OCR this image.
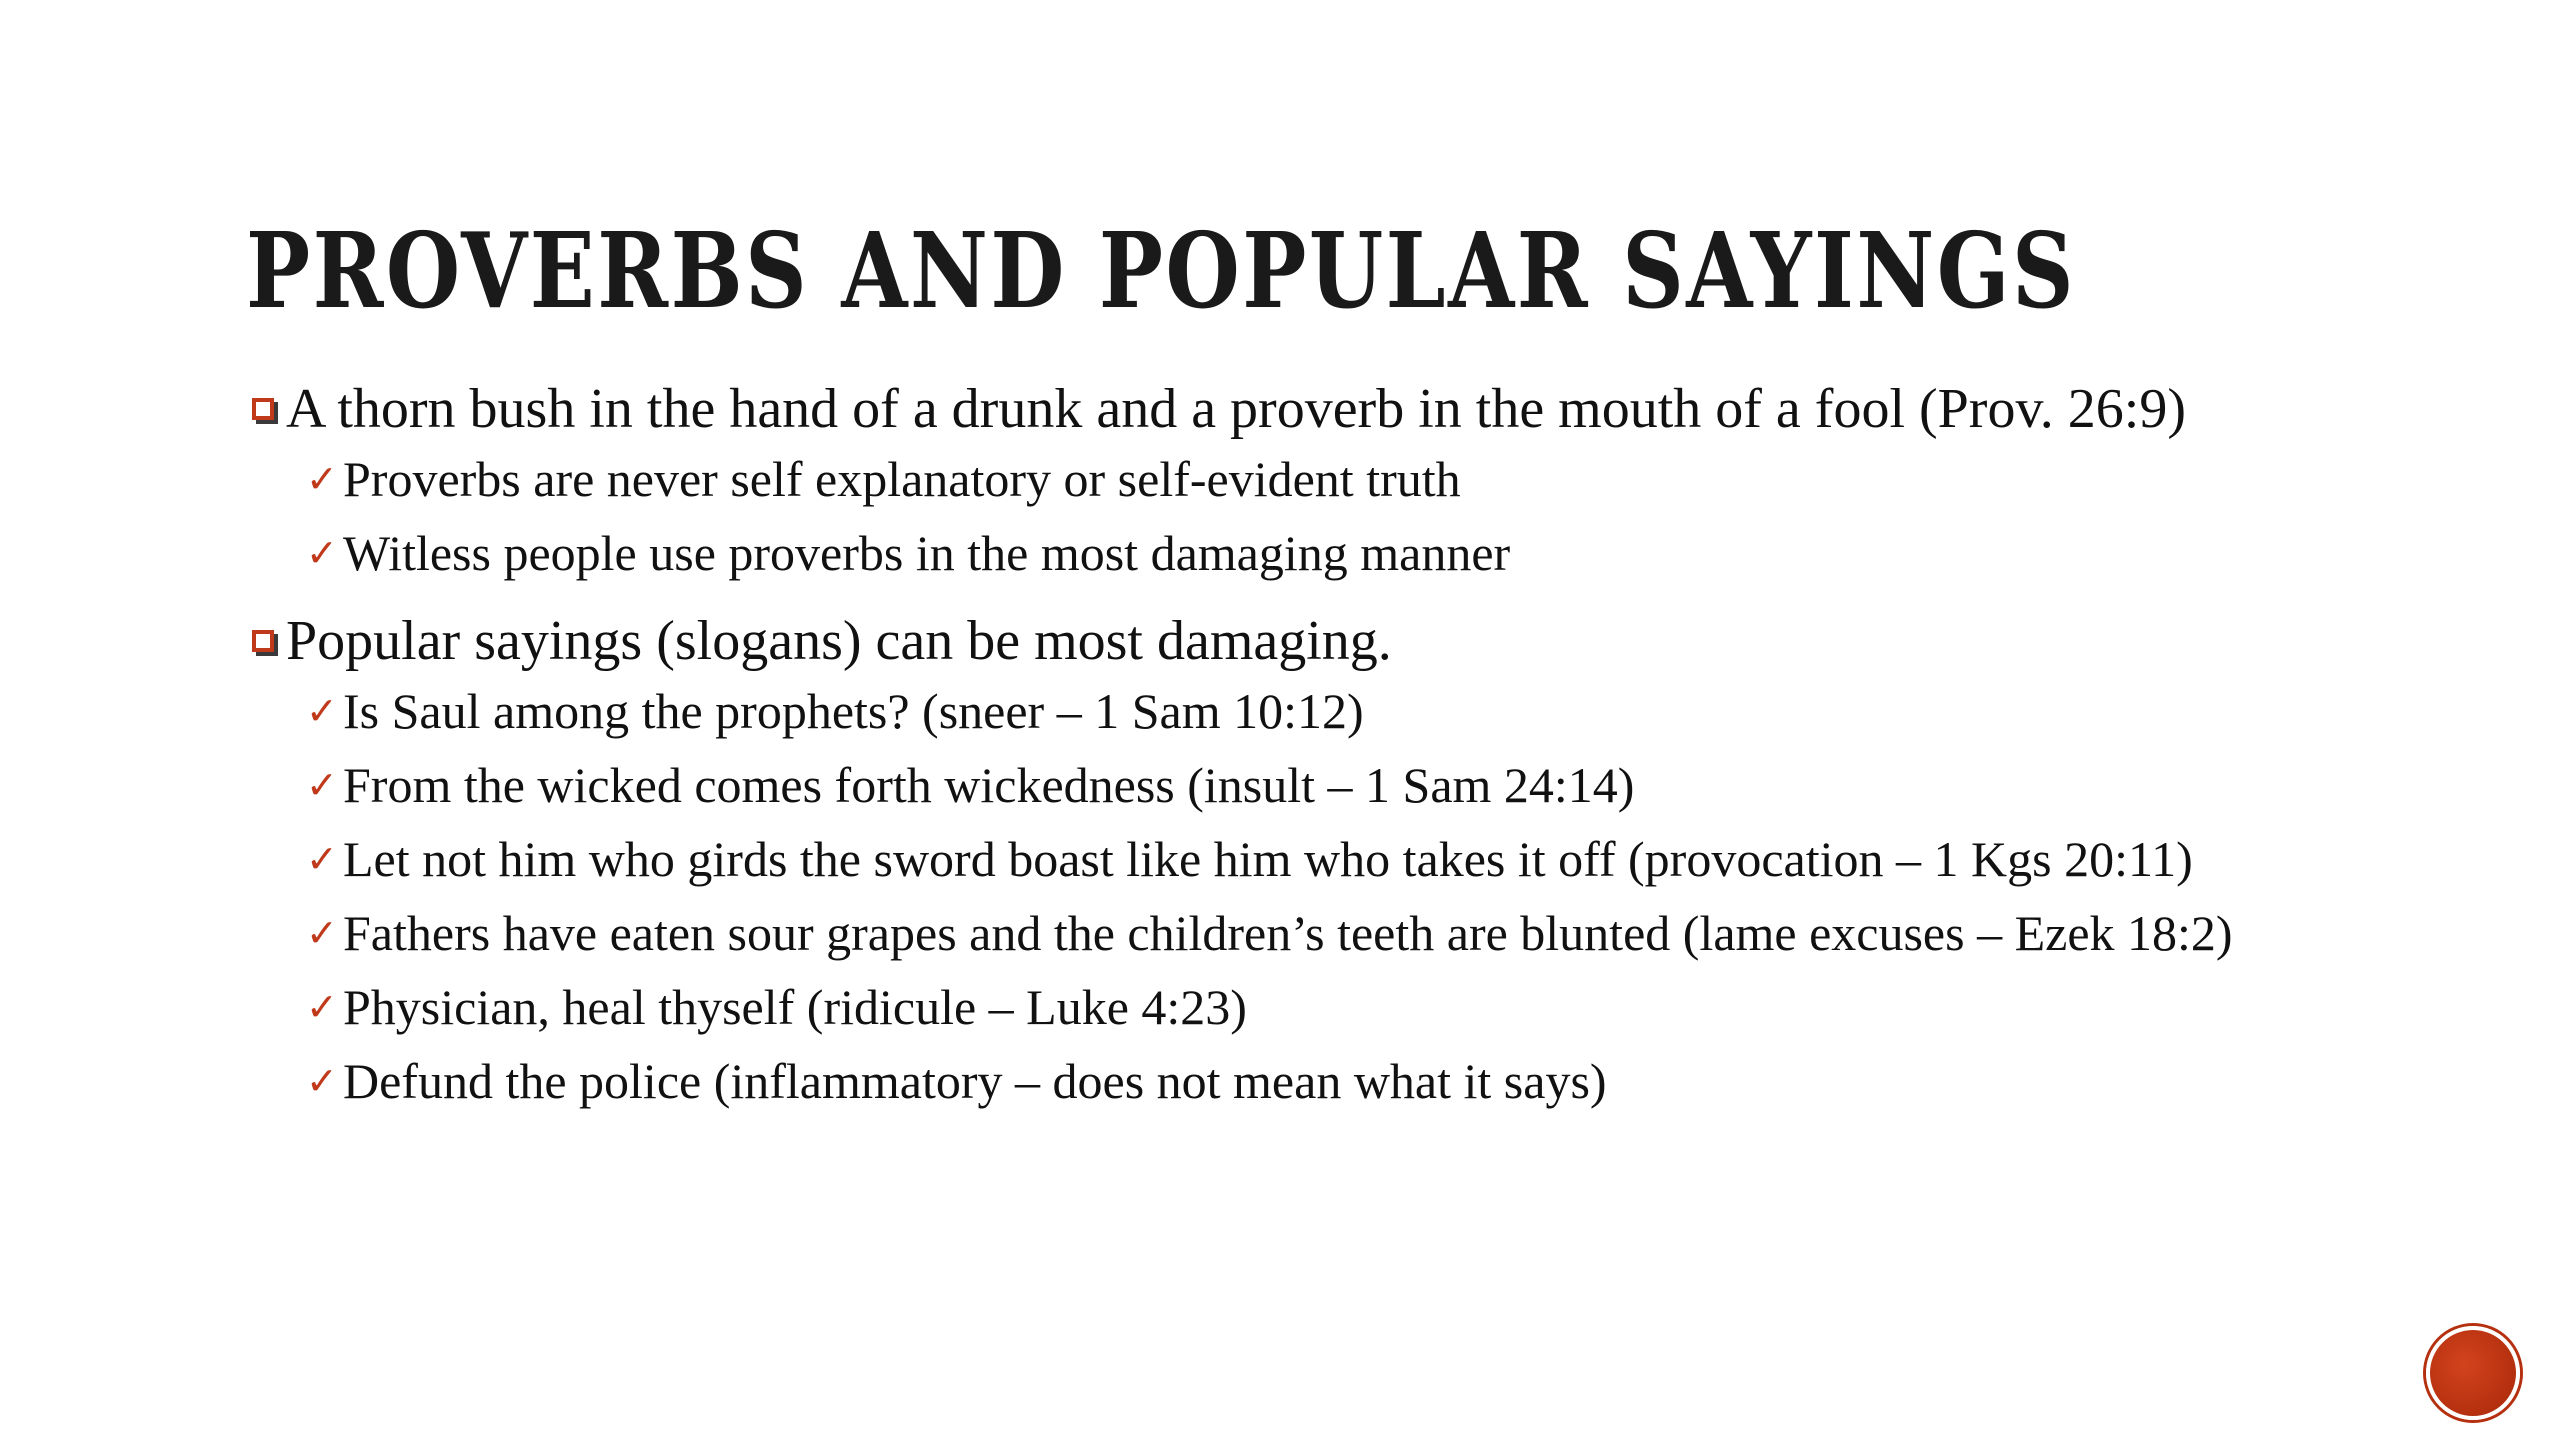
PROVERBS AND POPULAR SAYINGS
A thorn bush in the hand of a drunk and a proverb in the mouth of a fool (Prov. 26:9)
✓ Proverbs are never self explanatory or self-evident truth
✓ Witless people use proverbs in the most damaging manner
Popular sayings (slogans) can be most damaging.
✓ Is Saul among the prophets? (sneer – 1 Sam 10:12)
✓ From the wicked comes forth wickedness (insult – 1 Sam 24:14)
✓ Let not him who girds the sword boast like him who takes it off (provocation – 1 Kgs 20:11)
✓ Fathers have eaten sour grapes and the children’s teeth are blunted (lame excuses – Ezek 18:2)
✓ Physician, heal thyself (ridicule – Luke 4:23)
✓ Defund the police (inflammatory – does not mean what it says)
